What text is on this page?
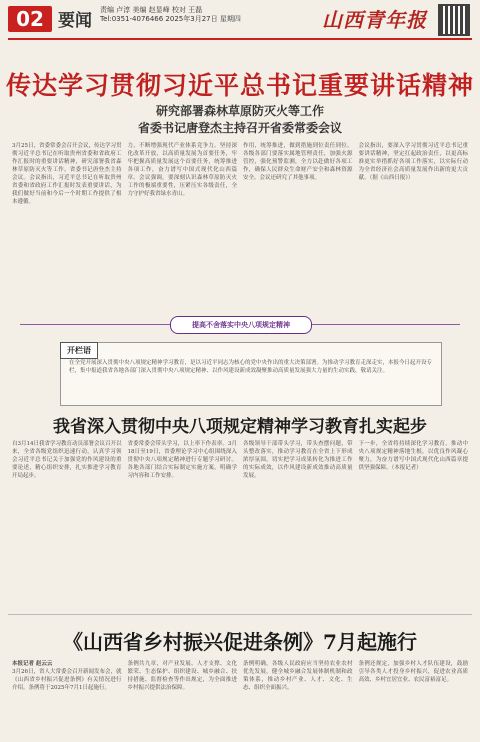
02 要闻
责编 卢淳 美编 赵显峰 校对 王磊
Tel:0351-4076466 2025年3月27日 星期四	山西青年报
传达学习贯彻习近平总书记重要讲话精神
研究部署森林草原防灭火等工作
省委书记唐登杰主持召开省委常委会议
3月25日，省委常委会召开会议，传达学习贯彻习近平总书记在听取贵州省委和省政府工作汇报时的重要讲话精神，研究部署我省森林草原防灭火等工作。省委书记唐登杰主持会议。会议指出，习近平总书记在听取贵州省委和省政府工作汇报时发表重要讲话，为我们做好当前和今后一个时期工作提供了根本遵循。
力，不断增强现代产业体系竞争力。坚持深化改革开放，以高质量发展为首要任务，牢牢把握高质量发展这个首要任务，统筹推进各项工作，奋力谱写中国式现代化山西篇章。会议强调，要深刻认识森林草原防灭火工作的极端重要性，压紧压实各级责任，全力守护好我省绿水青山。
作用，统筹推进，做到措施到位责任到位。各级各部门要落实属地管理责任，加强火源管控，强化预警监测，全力以赴做好各项工作，确保人民群众生命财产安全和森林资源安全。会议还研究了其他事项。
会议指出，要深入学习贯彻习近平总书记重要讲话精神，坚定扛起政治责任，以更高标准更实举措抓好各项工作落实，以实际行动为全省经济社会高质量发展作出新的更大贡献。（据《山西日报》）
提高不舍落实中央八项规定精神
开栏语
在全党开展深入贯彻中央八项规定精神学习教育，是以习近平同志为核心的党中央作出的重大决策部署。为推动学习教育走深走实，本报今日起开设专栏，集中报道我省各地各部门深入贯彻中央八项规定精神、以作风建设新成效凝聚推动高质量发展强大力量的生动实践，敬请关注。
我省深入贯彻中央八项规定精神学习教育扎实起步
自3月14日我省学习教育动员部署会议召开以来，全省各级党组织迅速行动，认真学习领会习近平总书记关于加强党的作风建设的重要论述，精心组织安排，扎实推进学习教育开局起步。
省委常委会带头学习，以上率下作表率。3月18日至19日，省委理论学习中心组围绕深入贯彻中央八项规定精神进行专题学习研讨。各地各部门结合实际制定实施方案，明确学习内容和工作安排。
各级领导干部带头学习，带头查摆问题，带头整改落实，推动学习教育在全省上下形成浓厚氛围，切实把学习成果转化为推进工作的实际成效，以作风建设新成效推动高质量发展。
下一步，全省将持续深化学习教育，推动中央八项规定精神落地生根，以优良作风凝心聚力，为奋力谱写中国式现代化山西篇章提供坚强保障。（本报记者）
《山西省乡村振兴促进条例》7月起施行
本报记者 赵云云
3月26日，省人大常委会召开新闻发布会，就《山西省乡村振兴促进条例》有关情况进行介绍。条例将于2025年7月1日起施行。
条例共九章，对产业发展、人才支撑、文化繁荣、生态保护、组织建设、城乡融合、扶持措施、监督检查等作出规定，为全面推进乡村振兴提供法治保障。
条例明确，各级人民政府应当坚持农业农村优先发展，健全城乡融合发展体制机制和政策体系，推动乡村产业、人才、文化、生态、组织全面振兴。
条例还规定，加强乡村人才队伍建设，鼓励引导各类人才投身乡村振兴，促进农业高质高效、乡村宜居宜业、农民富裕富足。
